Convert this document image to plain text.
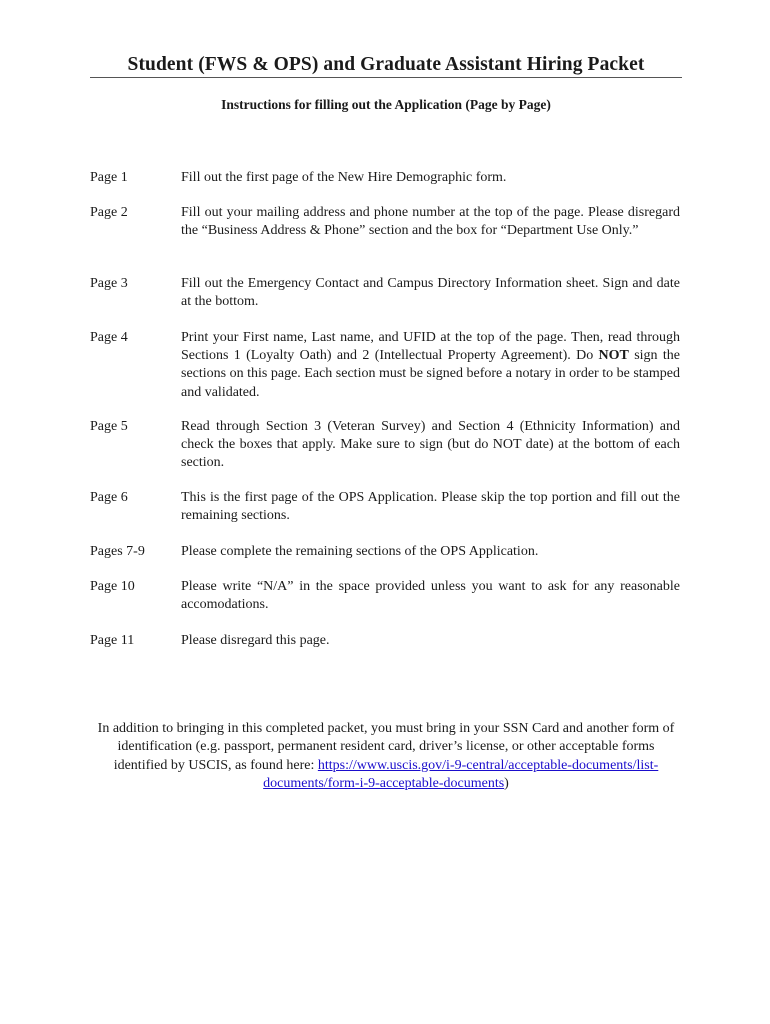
Student (FWS & OPS) and Graduate Assistant Hiring Packet
Instructions for filling out the Application (Page by Page)
Page 1	Fill out the first page of the New Hire Demographic form.
Page 2	Fill out your mailing address and phone number at the top of the page. Please disregard the “Business Address & Phone” section and the box for “Department Use Only.”
Page 3	Fill out the Emergency Contact and Campus Directory Information sheet. Sign and date at the bottom.
Page 4	Print your First name, Last name, and UFID at the top of the page. Then, read through Sections 1 (Loyalty Oath) and 2 (Intellectual Property Agreement). Do NOT sign the sections on this page. Each section must be signed before a notary in order to be stamped and validated.
Page 5	Read through Section 3 (Veteran Survey) and Section 4 (Ethnicity Information) and check the boxes that apply. Make sure to sign (but do NOT date) at the bottom of each section.
Page 6	This is the first page of the OPS Application. Please skip the top portion and fill out the remaining sections.
Pages 7-9	Please complete the remaining sections of the OPS Application.
Page 10	Please write “N/A” in the space provided unless you want to ask for any reasonable accomodations.
Page 11	Please disregard this page.
In addition to bringing in this completed packet, you must bring in your SSN Card and another form of identification (e.g. passport, permanent resident card, driver’s license, or other acceptable forms identified by USCIS, as found here: https://www.uscis.gov/i-9-central/acceptable-documents/list-documents/form-i-9-acceptable-documents)
